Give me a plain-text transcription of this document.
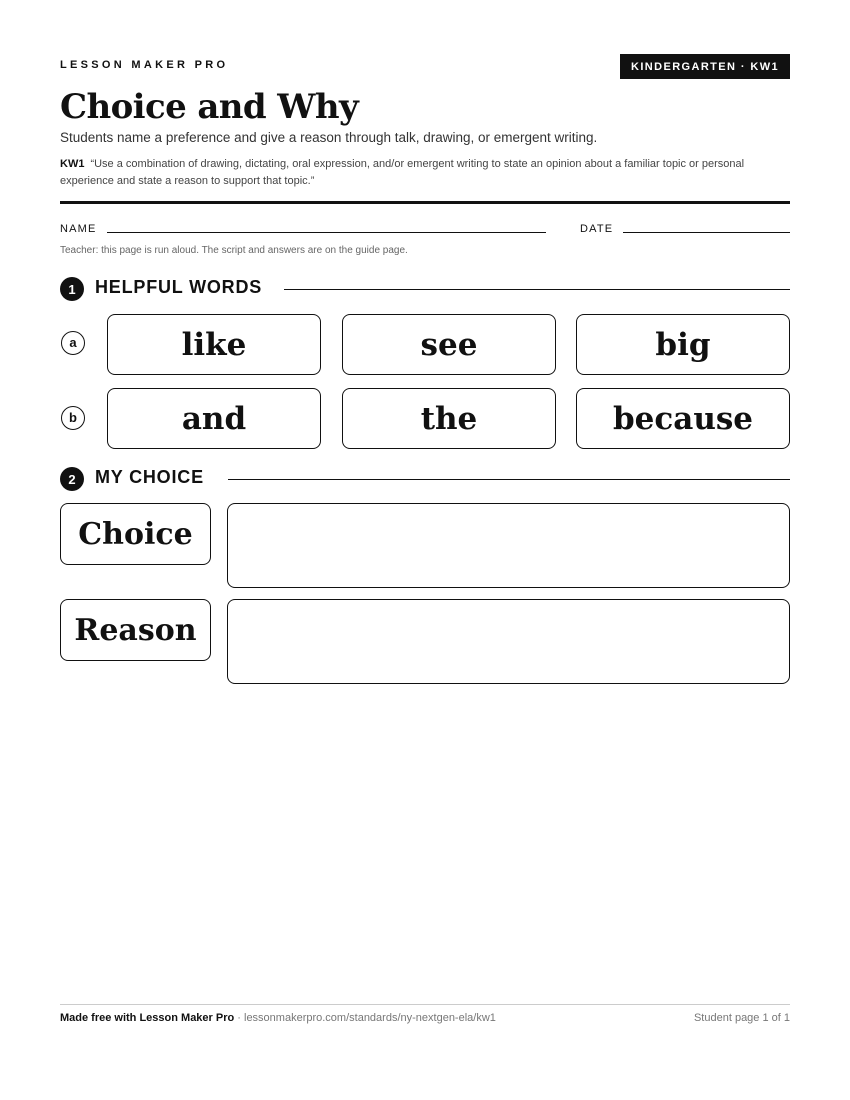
LESSON MAKER PRO	KINDERGARTEN · KW1
Choice and Why
Students name a preference and give a reason through talk, drawing, or emergent writing.
KW1 “Use a combination of drawing, dictating, oral expression, and/or emergent writing to state an opinion about a familiar topic or personal experience and state a reason to support that topic.”
NAME	DATE
Teacher: this page is run aloud. The script and answers are on the guide page.
1	HELPFUL WORDS
a	like	see	big
b	and	the	because
2	MY CHOICE
Choice
Reason
Made free with Lesson Maker Pro · lessonmakerpro.com/standards/ny-nextgen-ela/kw1	Student page 1 of 1
